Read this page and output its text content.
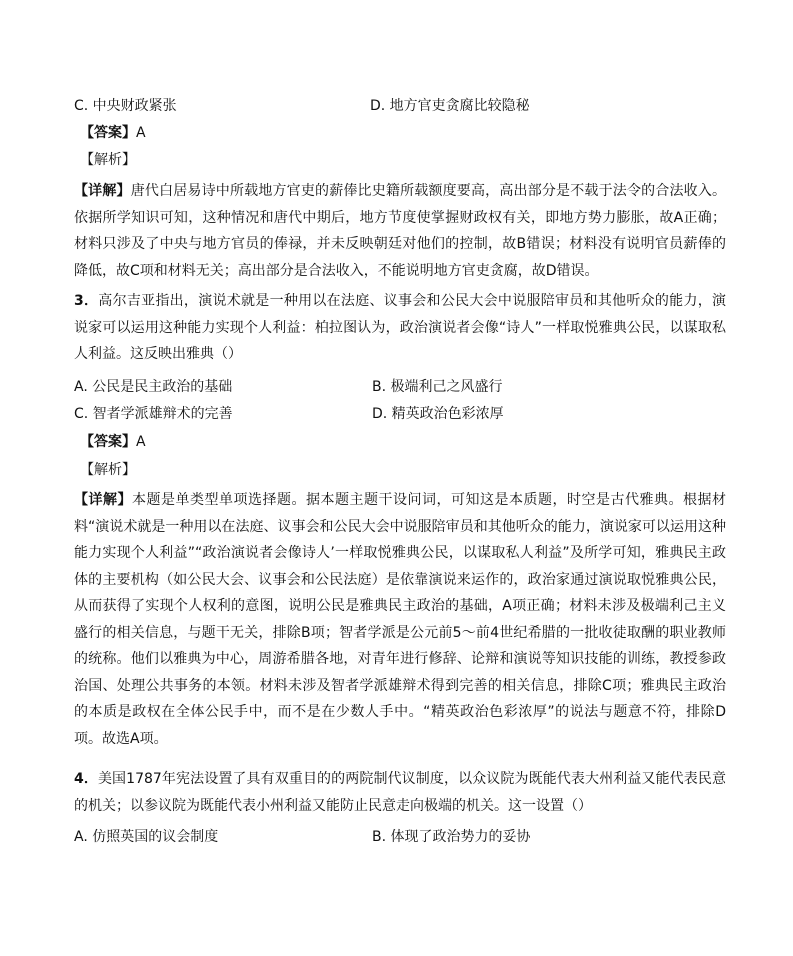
C. 中央财政紧张	D. 地方官吏贪腐比较隐秘
【答案】A
【解析】
【详解】唐代白居易诗中所载地方官吏的薪俸比史籍所载额度要高，高出部分是不载于法令的合法收入。依据所学知识可知，这种情况和唐代中期后，地方节度使掌握财政权有关，即地方势力膨胀，故A正确；材料只涉及了中央与地方官员的俸禄，并未反映朝廷对他们的控制，故B错误；材料没有说明官员薪俸的降低，故C项和材料无关；高出部分是合法收入，不能说明地方官吏贪腐，故D错误。
3．高尔吉亚指出，演说术就是一种用以在法庭、议事会和公民大会中说服陪审员和其他听众的能力，演说家可以运用这种能力实现个人利益：柏拉图认为，政治演说者会像“诗人”一样取悦雅典公民，以谋取私人利益。这反映出雅典（）
A. 公民是民主政治的基础	B. 极端利己之风盛行
C. 智者学派雄辩术的完善	D. 精英政治色彩浓厚
【答案】A
【解析】
【详解】本题是单类型单项选择题。据本题主题干设问词，可知这是本质题，时空是古代雅典。根据材料“演说术就是一种用以在法庭、议事会和公民大会中说服陪审员和其他听众的能力，演说家可以运用这种能力实现个人利益”“政治演说者会像诗人’一样取悦雅典公民，以谋取私人利益”及所学可知，雅典民主政体的主要机构（如公民大会、议事会和公民法庭）是依靠演说来运作的，政治家通过演说取悦雅典公民，从而获得了实现个人权利的意图，说明公民是雅典民主政治的基础，A项正确；材料未涉及极端利己主义盛行的相关信息，与题干无关，排除B项；智者学派是公元前5～前4世纪希腊的一批收徒取酬的职业教师的统称。他们以雅典为中心，周游希腊各地，对青年进行修辞、论辩和演说等知识技能的训练，教授参政治国、处理公共事务的本领。材料未涉及智者学派雄辩术得到完善的相关信息，排除C项；雅典民主政治的本质是政权在全体公民手中，而不是在少数人手中。“精英政治色彩浓厚”的说法与题意不符，排除D项。故选A项。
4．美国1787年宪法设置了具有双重目的的两院制代议制度，以众议院为既能代表大州利益又能代表民意的机关；以参议院为既能代表小州利益又能防止民意走向极端的机关。这一设置（）
A. 仿照英国的议会制度	B. 体现了政治势力的妥协
